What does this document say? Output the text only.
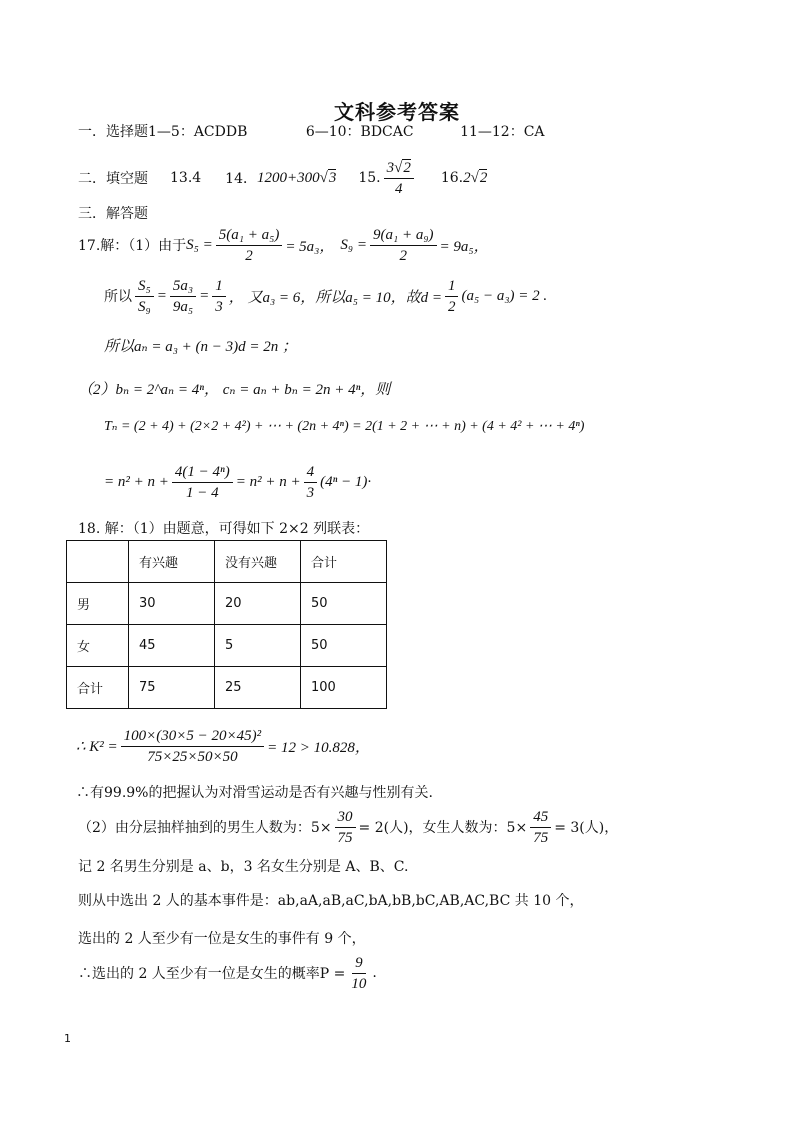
文科参考答案
一．选择题1—5：ACDDB	6—10：BDCAC	11—12：CA
二．填空题 13.4 14． 1200+300√3 15. $\frac{3√2}{4} 16$. 2√2
三．解答题
17.解：（1）由于 $S_5 = \frac{\text{5(a₁ + a₅)}}{2} = 5a_3$， $S_9 = \frac{\text{9(a₁ + a₉)}}{2} = 9a_5$，
所以 $\frac{\text{S₅}}{\text{S₉}} = \frac{\text{5a₃}}{\text{9a₅}} = \frac{1}{3}$ ， 又a₃ = 6，所以a₅ = 10，故$d = \frac{1}{2} (a_5 - a_3) = 2$ .
所以aₙ = a₃ + (n − 3)d = 2n ；
（2）bₙ = 2^aₙ = 4ⁿ， cₙ = aₙ + bₙ = 2n + 4ⁿ，则
Tₙ = (2 + 4) + (2×2 + 4²) + ⋯ + (2n + 4ⁿ) = 2(1 + 2 + ⋯ + n) + (4 + 4² + ⋯ + 4ⁿ)
= $n^2 + n + \frac{\text{4(1 − 4ⁿ)}}{1 - 4} = n^2 + n + \frac{4}{3} (4^n - 1)\cdot$
18. 解：（1）由题意，可得如下 2×2 列联表：
	有兴趣	没有兴趣	合计
男	30	20	50
女	45	5	50
合计	75	25	100
∴ $K^2 = \frac{\text{100×(30×5 − 20×45)²}}{75\times 25\times 50\times 50} = 12 > 10.828$，
∴有99.9%的把握认为对滑雪运动是否有兴趣与性别有关.
（2）由分层抽样抽到的男生人数为：$5\times \frac{30}{75} = 2$(人)，女生人数为：$5\times \frac{45}{75} = 3$(人)，
记 2 名男生分别是 a、b，3 名女生分别是 A、B、C.
则从中选出 2 人的基本事件是：ab,aA,aB,aC,bA,bB,bC,AB,AC,BC 共 10 个，
选出的 2 人至少有一位是女生的事件有 9 个，
∴选出的 2 人至少有一位是女生的概率$P = \frac{9}{10}$ .
1
